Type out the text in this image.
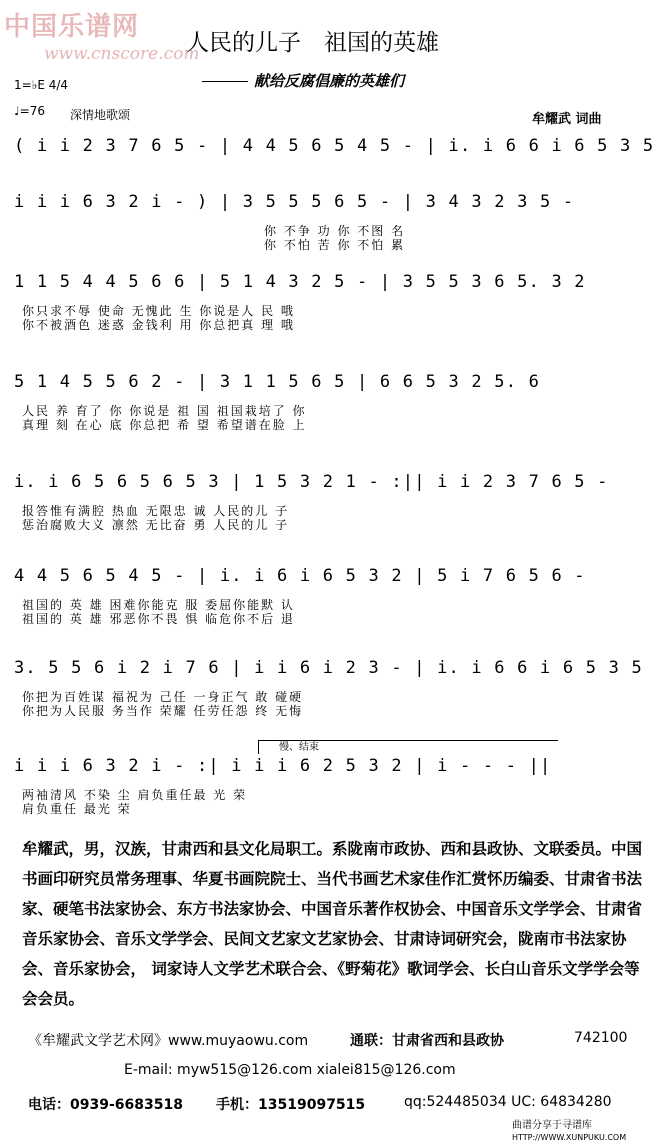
中国乐谱网
www.cnscore.com
人民的儿子　祖国的英雄
献给反腐倡廉的英雄们
1=♭E 4/4
♩=76 深情地歌颂	牟耀武 词曲
( i i 2 3 7 6 5 - | 4 4 5 6 5 4 5 - | i. i 6 6 i 6 5 3 5
i i i 6 3 2 i - ) | 3 5 5 5 6 5 - | 3 4 3 2 3 5 -
你 不争 功 你 不图 名
你 不怕 苦 你 不怕 累
1 1 5 4 4 5 6 6 | 5 1 4 3 2 5 - | 3 5 5 3 6 5. 3 2
你只求不辱 使命 无愧此 生 你说是人 民 哦
你不被酒色 迷惑 金钱利 用 你总把真 理 哦
5 1 4 5 5 6 2 - | 3 1 1 5 6 5 | 6 6 5 3 2 5. 6
人民 养 育了 你 你说是 祖 国 祖国栽培了 你
真理 刻 在心 底 你总把 希 望 希望谱在脸 上
i. i 6 5 6 5 6 5 3 | 1 5 3 2 1 - :|| i i 2 3 7 6 5 -
报答惟有满腔 热血 无限忠 诚 人民的儿 子
惩治腐败大义 凛然 无比奋 勇 人民的儿 子
4 4 5 6 5 4 5 - | i. i 6 i 6 5 3 2 | 5 i 7 6 5 6 -
祖国的 英 雄 困难你能克 服 委屈你能默 认
祖国的 英 雄 邪恶你不畏 惧 临危你不后 退
3. 5 5 6 i 2 i 7 6 | i i 6 i 2 3 - | i. i 6 6 i 6 5 3 5
你把为百姓谋 福祝为 己任 一身正气 敢 碰硬
你把为人民服 务当作 荣耀 任劳任怨 终 无悔
慢、结束
i i i 6 3 2 i - :| i i i 6 2 5 3 2 | i - - - ||
两袖清风 不染 尘 肩负重任最 光 荣
肩负重任 最光 荣
牟耀武，男，汉族，甘肃西和县文化局职工。系陇南市政协、西和县政协、文联委员。中国书画印研究员常务理事、华夏书画院院士、当代书画艺术家佳作汇赏怀历编委、甘肃省书法家、硬笔书法家协会、东方书法家协会、中国音乐著作权协会、中国音乐文学学会、甘肃省音乐家协会、音乐文学学会、民间文艺家文艺家协会、甘肃诗词研究会，陇南市书法家协会、音乐家协会， 词家诗人文学艺术联合会、《野菊花》歌词学会、长白山音乐文学学会等会会员。
《牟耀武文学艺术网》www.muyaowu.com	通联：甘肃省西和县政协	742100
E-mail: myw515@126.com xialei815@126.com
电话：0939-6683518 手机：13519097515	qq:524485034 UC: 64834280
曲谱分享于寻谱库
HTTP://WWW.XUNPUKU.COM
